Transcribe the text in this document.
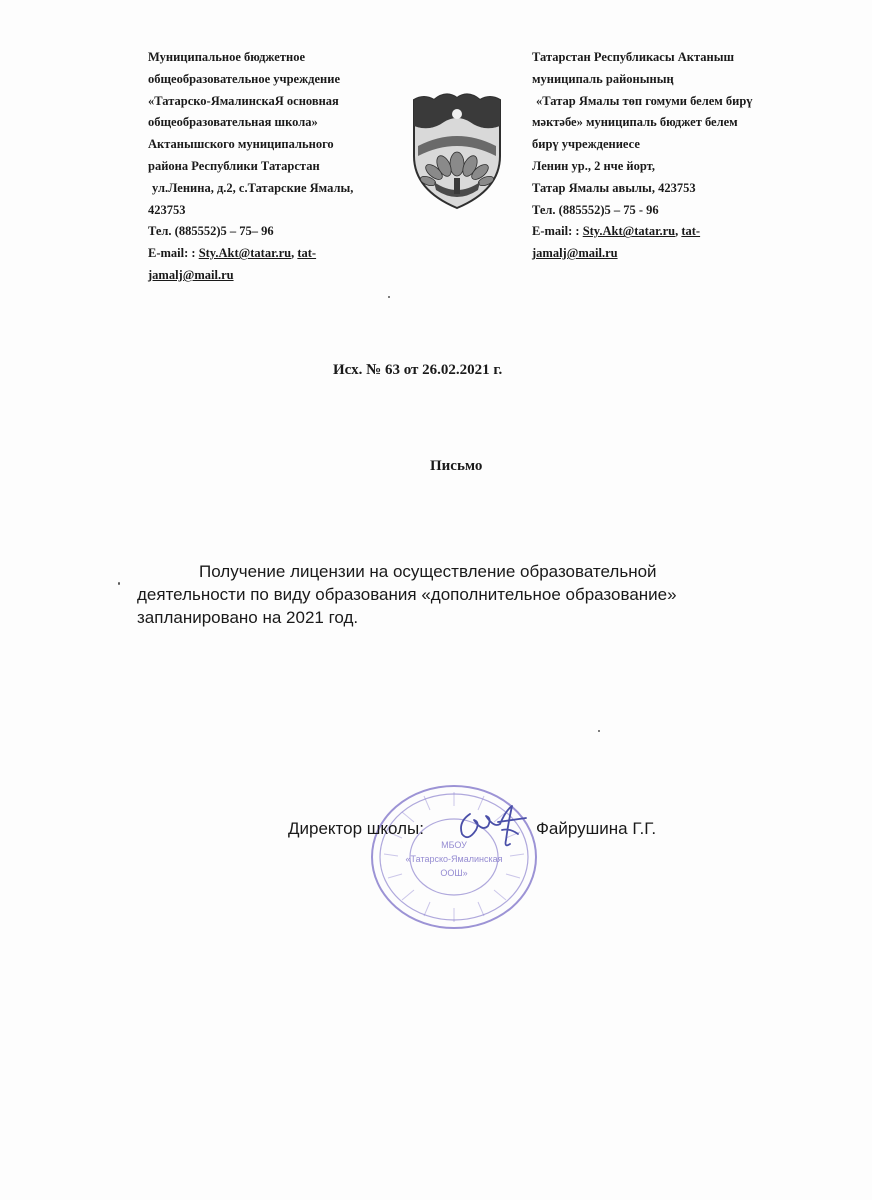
Муниципальное бюджетное
общеобразовательное учреждение
«Татарско-ЯмалинскаЯ основная
общеобразовательная школа»
Актанышского муниципального
района Республики Татарстан
ул.Ленина, д.2, с.Татарские Ямалы,
423753
Тел. (885552)5 – 75– 96
E-mail: : Sty.Akt@tatar.ru, tat-
jamalj@mail.ru
Татарстан Республикасы Актаныш
муниципаль районының
«Татар Ямалы төп гомуми белем бирү
мәктәбе» муниципаль бюджет белем
бирү учреждениесе
Ленин ур., 2 нче йорт,
Татар Ямалы авылы, 423753
Тел. (885552)5 – 75 - 96
E-mail: : Sty.Akt@tatar.ru, tat-
jamalj@mail.ru
Исх. № 63 от 26.02.2021 г.
Письмо
Получение лицензии на осуществление образовательной
деятельности по виду образования «дополнительное образование»
запланировано на 2021 год.
МБОУ
«Татарско-Ямалинская
ООШ»
Директор школы:	Файрушина Г.Г.
